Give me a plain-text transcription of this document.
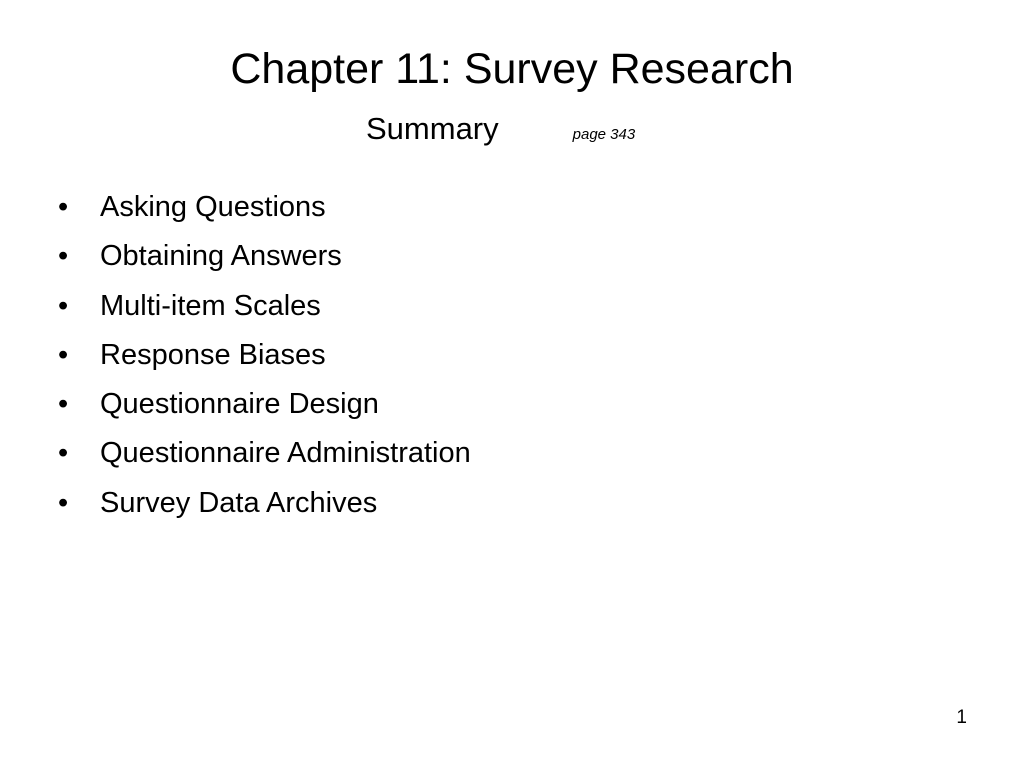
Chapter 11: Survey Research
Summary	page 343
•	Asking Questions
•	Obtaining Answers
•	Multi-item Scales
•	Response Biases
•	Questionnaire Design
•	Questionnaire Administration
•	Survey Data Archives
1
